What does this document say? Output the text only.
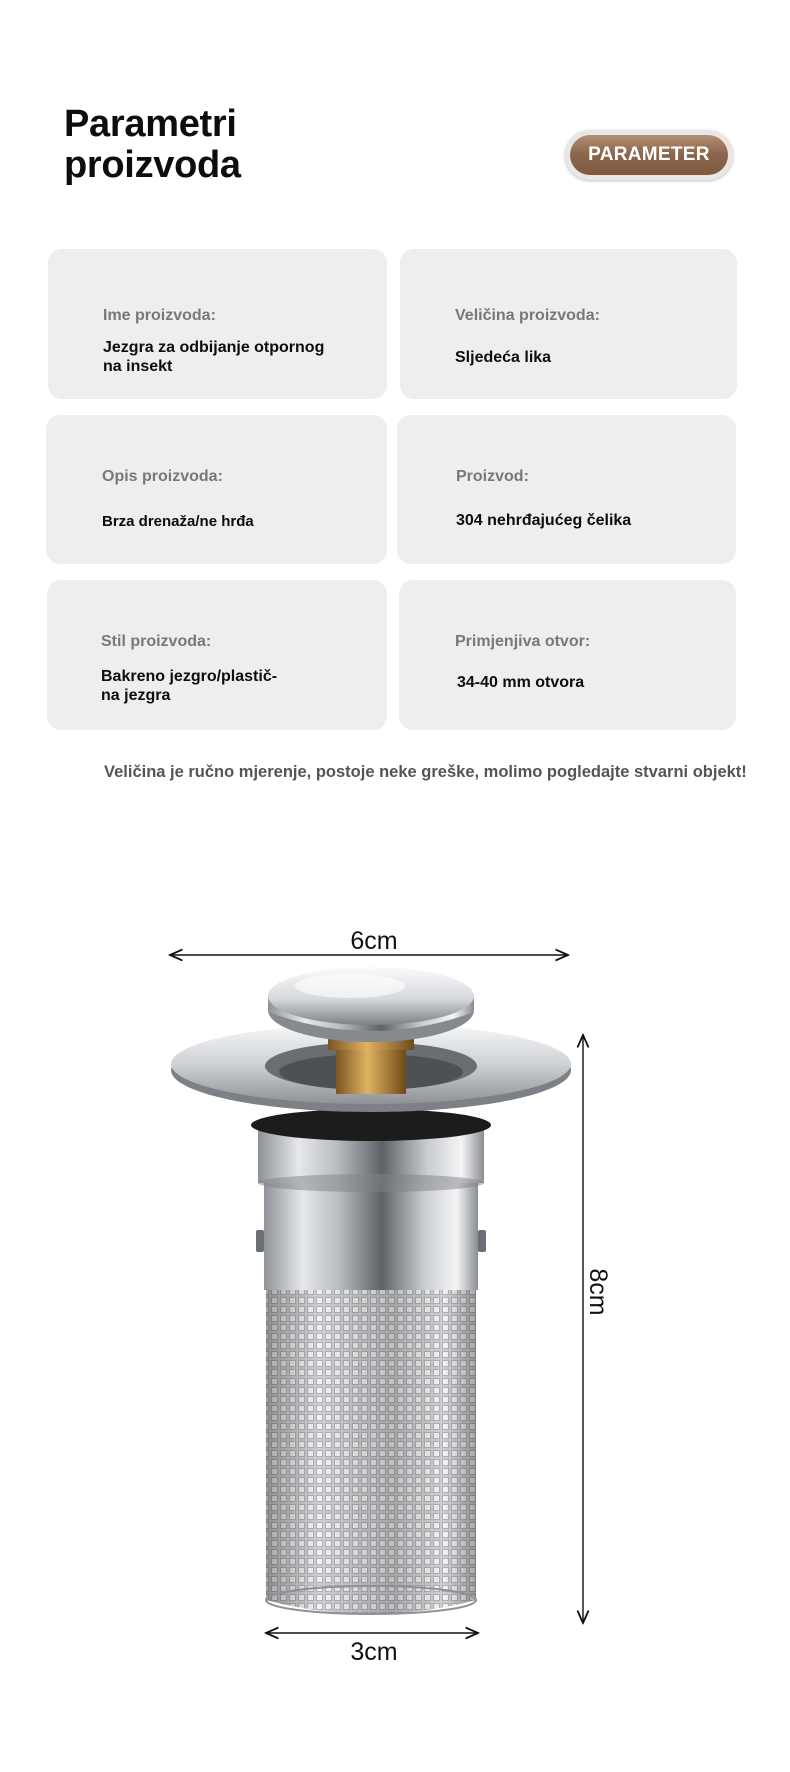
Parametri
proizvoda	PARAMETER
Ime proizvoda:
Jezgra za odbijanje otpornog
na insekt
Veličina proizvoda:
Sljedeća lika
Opis proizvoda:
Brza drenaža/ne hrđa
Proizvod:
304 nehrđajućeg čelika
Stil proizvoda:
Bakreno jezgro/plastič-
na jezgra
Primjenjiva otvor:
34-40 mm otvora
Veličina je ručno mjerenje, postoje neke greške, molimo pogledajte stvarni objekt!
6cm
8cm
3cm
